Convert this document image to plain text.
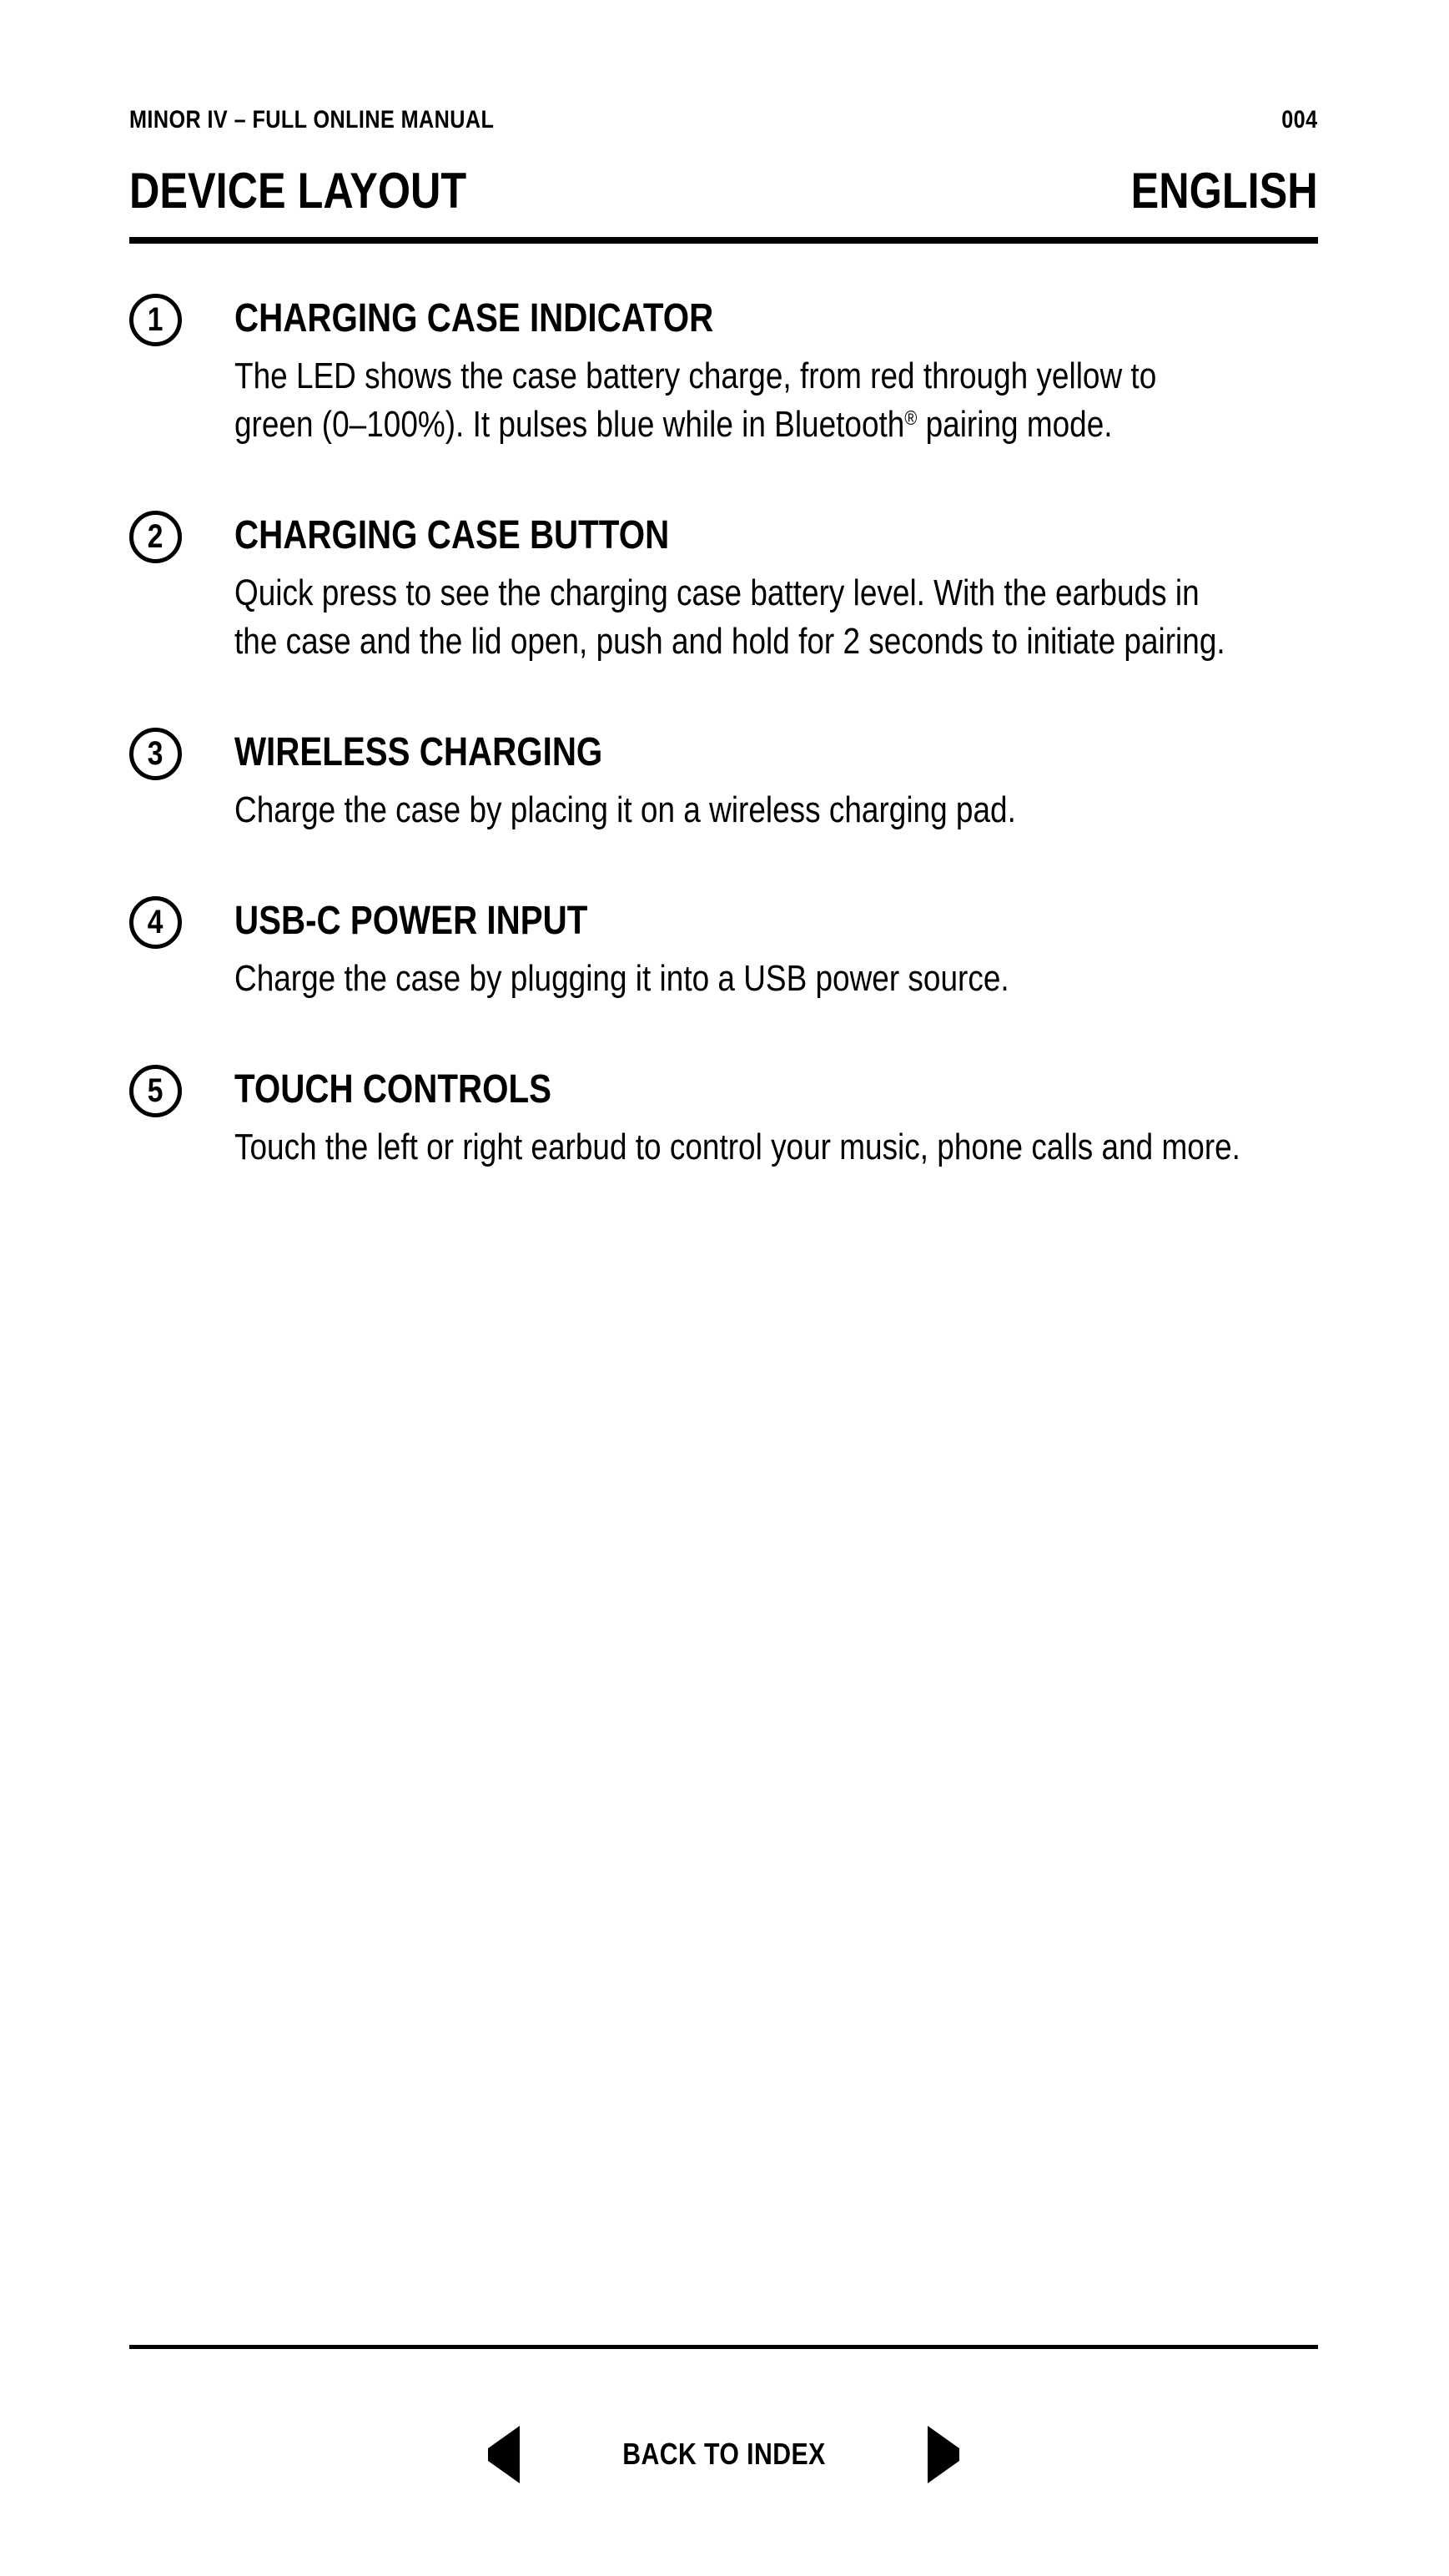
MINOR IV – FULL ONLINE MANUAL	004
DEVICE LAYOUT	ENGLISH
1 CHARGING CASE INDICATOR
The LED shows the case battery charge, from red through yellow to
green (0–100%). It pulses blue while in Bluetooth® pairing mode.
2 CHARGING CASE BUTTON
Quick press to see the charging case battery level. With the earbuds in
the case and the lid open, push and hold for 2 seconds to initiate pairing.
3 WIRELESS CHARGING
Charge the case by placing it on a wireless charging pad.
4 USB-C POWER INPUT
Charge the case by plugging it into a USB power source.
5 TOUCH CONTROLS
Touch the left or right earbud to control your music, phone calls and more.
BACK TO INDEX
